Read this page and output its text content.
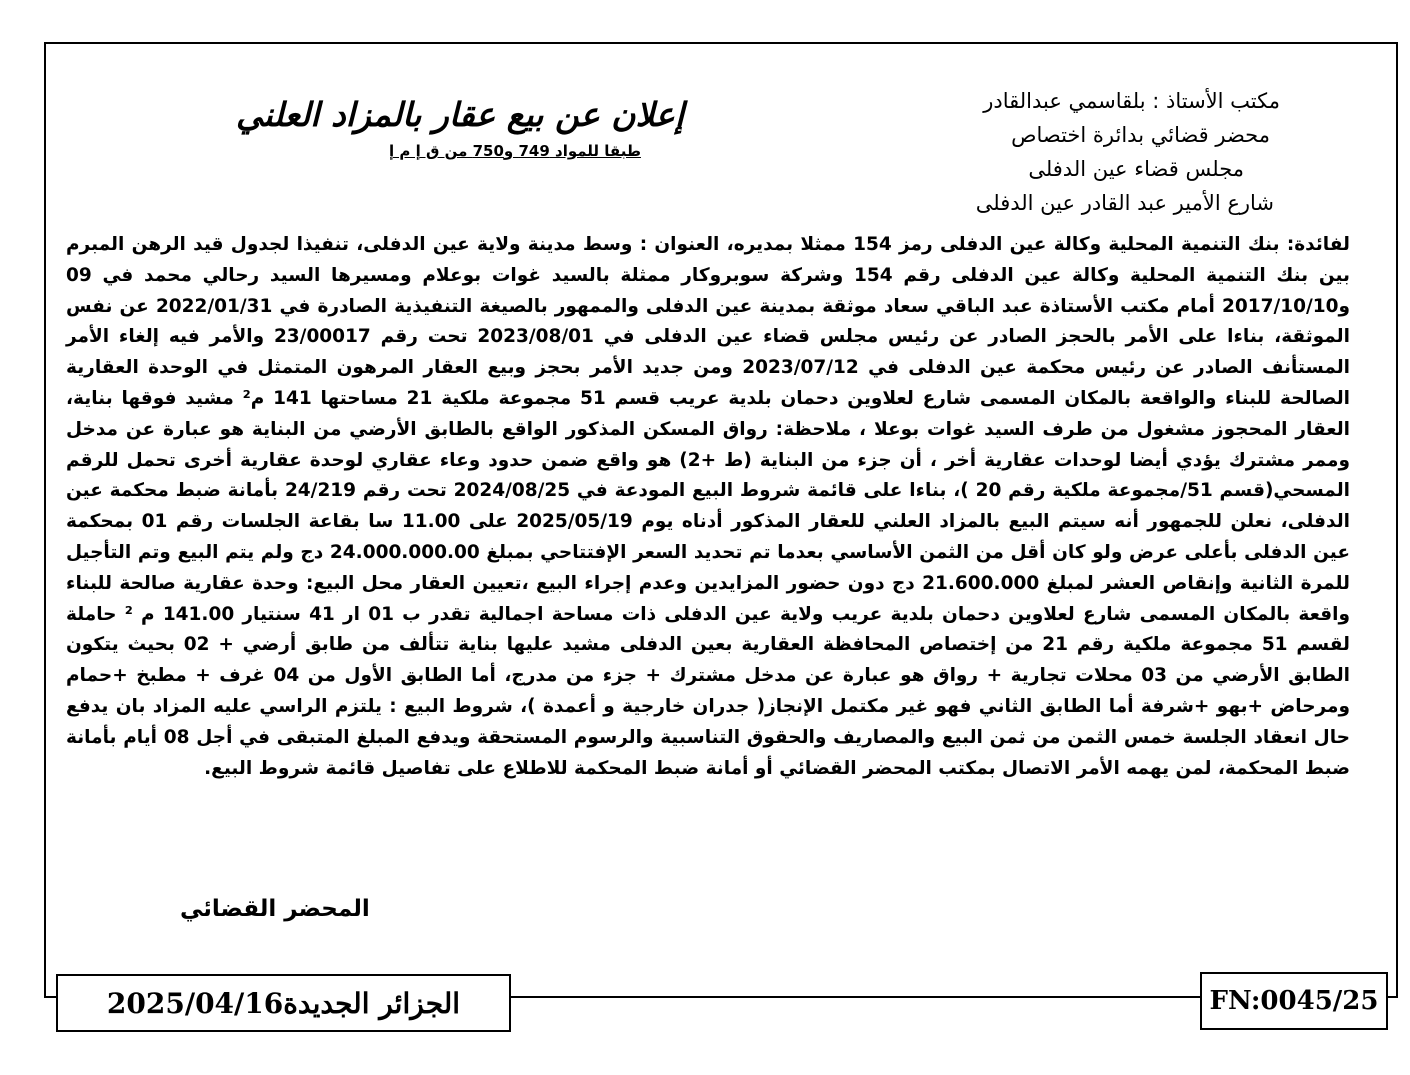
مكتب الأستاذ : بلقاسمي عبدالقادر
محضر قضائي بدائرة اختصاص
مجلس قضاء عين الدفلى
شارع الأمير عبد القادر عين الدفلى
إعلان عن بيع عقار بالمزاد العلني
طبقا للمواد 749 و750 من ق إ م إ
لفائدة: بنك التنمية المحلية وكالة عين الدفلى رمز 154 ممثلا بمديره، العنوان : وسط مدينة ولاية عين الدفلى، تنفيذا لجدول قيد الرهن المبرم بين بنك التنمية المحلية وكالة عين الدفلى رقم 154 وشركة سوبروكار ممثلة بالسيد غوات بوعلام ومسيرها السيد رحالي محمد في 09 و2017/10/10 أمام مكتب الأستاذة عبد الباقي سعاد موثقة بمدينة عين الدفلى والممهور بالصيغة التنفيذية الصادرة في 2022/01/31 عن نفس الموثقة، بناءا على الأمر بالحجز الصادر عن رئيس مجلس قضاء عين الدفلى في 2023/08/01 تحت رقم 23/00017 والأمر فيه إلغاء الأمر المستأنف الصادر عن رئيس محكمة عين الدفلى في 2023/07/12 ومن جديد الأمر بحجز وبيع العقار المرهون المتمثل في الوحدة العقارية الصالحة للبناء والواقعة بالمكان المسمى شارع لعلاوين دحمان بلدية عريب قسم 51 مجموعة ملكية 21 مساحتها 141 م² مشيد فوقها بناية، العقار المحجوز مشغول من طرف السيد غوات بوعلا ، ملاحظة: رواق المسكن المذكور الواقع بالطابق الأرضي من البناية هو عبارة عن مدخل وممر مشترك يؤدي أيضا لوحدات عقارية أخر ، أن جزء من البناية (ط +2) هو واقع ضمن حدود وعاء عقاري لوحدة عقارية أخرى تحمل للرقم المسحي(قسم 51/مجموعة ملكية رقم 20 )، بناءا على قائمة شروط البيع المودعة في 2024/08/25 تحت رقم 24/219 بأمانة ضبط محكمة عين الدفلى، نعلن للجمهور أنه سيتم البيع بالمزاد العلني للعقار المذكور أدناه يوم 2025/05/19 على 11.00 سا بقاعة الجلسات رقم 01 بمحكمة عين الدفلى بأعلى عرض ولو كان أقل من الثمن الأساسي بعدما تم تحديد السعر الإفتتاحي بمبلغ 24.000.000.00 دج ولم يتم البيع وتم التأجيل للمرة الثانية وإنقاص العشر لمبلغ 21.600.000 دج دون حضور المزايدين وعدم إجراء البيع ،تعيين العقار محل البيع: وحدة عقارية صالحة للبناء واقعة بالمكان المسمى شارع لعلاوين دحمان بلدية عريب ولاية عين الدفلى ذات مساحة اجمالية تقدر ب 01 ار 41 سنتيار 141.00 م ² حاملة لقسم 51 مجموعة ملكية رقم 21 من إختصاص المحافظة العقارية بعين الدفلى مشيد عليها بناية تتألف من طابق أرضي + 02 بحيث يتكون الطابق الأرضي من 03 محلات تجارية + رواق هو عبارة عن مدخل مشترك + جزء من مدرج، أما الطابق الأول من 04 غرف + مطبخ +حمام ومرحاض +بهو +شرفة أما الطابق الثاني فهو غير مكتمل الإنجاز( جدران خارجية و أعمدة )، شروط البيع : يلتزم الراسي عليه المزاد بان يدفع حال انعقاد الجلسة خمس الثمن من ثمن البيع والمصاريف والحقوق التناسبية والرسوم المستحقة ويدفع المبلغ المتبقى في أجل 08 أيام بأمانة ضبط المحكمة، لمن يهمه الأمر الاتصال بمكتب المحضر القضائي أو أمانة ضبط المحكمة للاطلاع على تفاصيل قائمة شروط البيع.
المحضر القضائي
الجزائر الجديدة2025/04/16	FN:0045/25
